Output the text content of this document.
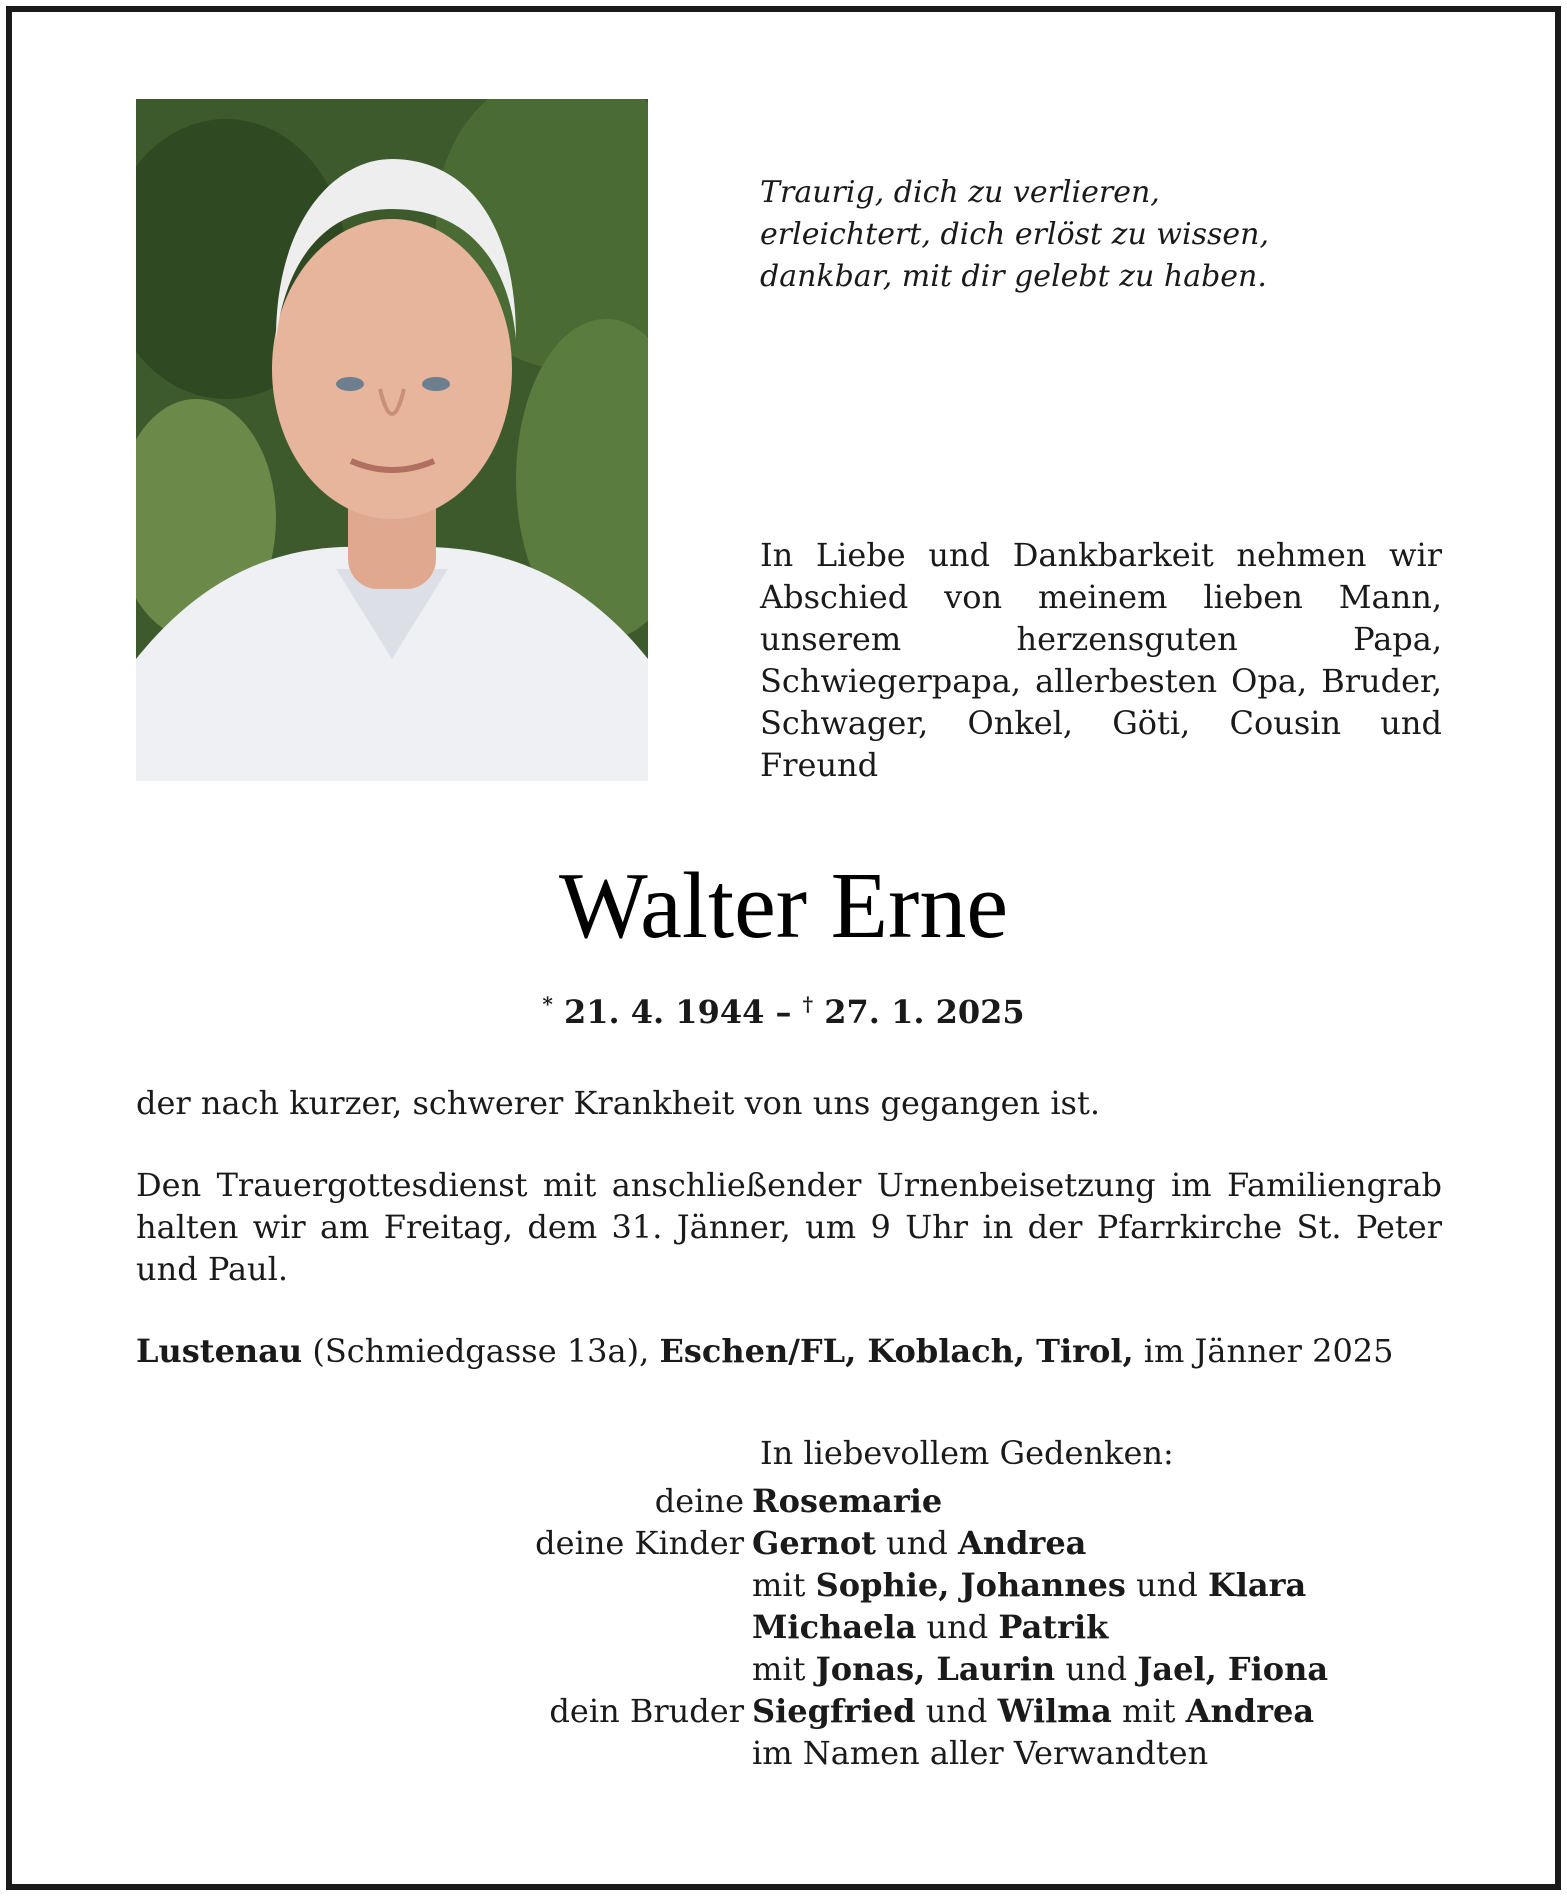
Traurig, dich zu verlieren,
erleichtert, dich erlöst zu wissen,
dankbar, mit dir gelebt zu haben.
In Liebe und Dankbarkeit nehmen wir Abschied von meinem lieben Mann, unserem herzensguten Papa, Schwiegerpapa, allerbesten Opa, Bruder, Schwager, Onkel, Göti, Cousin und Freund
Walter Erne
* 21. 4. 1944 – † 27. 1. 2025
der nach kurzer, schwerer Krankheit von uns gegangen ist.
Den Trauergottesdienst mit anschließender Urnenbeisetzung im Familiengrab halten wir am Freitag, dem 31. Jänner, um 9 Uhr in der Pfarrkirche St. Peter und Paul.
Lustenau (Schmiedgasse 13a), Eschen/FL, Koblach, Tirol, im Jänner 2025
In liebevollem Gedenken:
deine Rosemarie
deine Kinder Gernot und Andrea
mit Sophie, Johannes und Klara
Michaela und Patrik
mit Jonas, Laurin und Jael, Fiona
dein Bruder Siegfried und Wilma mit Andrea
im Namen aller Verwandten
